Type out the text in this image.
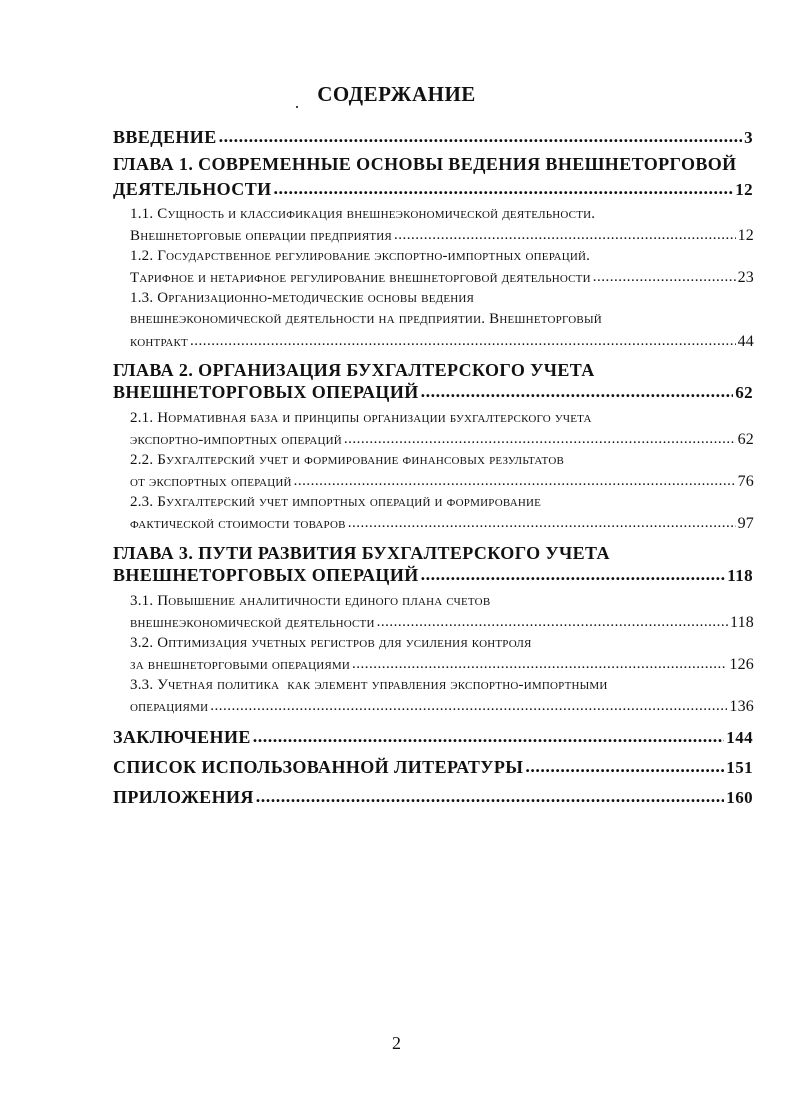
СОДЕРЖАНИЕ
ВВЕДЕНИЕ .....	3
ГЛАВА 1. СОВРЕМЕННЫЕ ОСНОВЫ ВЕДЕНИЯ ВНЕШНЕТОРГОВОЙ
ДЕЯТЕЛЬНОСТИ .....	12
1.1. Сущность и классификация внешнеэкономической деятельности.
Внешнеторговые операции предприятия .....	12
1.2. Государственное регулирование экспортно-импортных операций.
Тарифное и нетарифное регулирование внешнеторговой деятельности .....	23
1.3. Организационно-методические основы ведения
внешнеэкономической деятельности на предприятии. Внешнеторговый
контракт .....	44
ГЛАВА 2. ОРГАНИЗАЦИЯ БУХГАЛТЕРСКОГО УЧЕТА
ВНЕШНЕТОРГОВЫХ ОПЕРАЦИЙ .....	62
2.1. Нормативная база и принципы организации бухгалтерского учета
экспортно-импортных операций .....	62
2.2. Бухгалтерский учет и формирование финансовых результатов
от экспортных операций .....	76
2.3. Бухгалтерский учет импортных операций и формирование
фактической стоимости товаров .....	97
ГЛАВА 3. ПУТИ РАЗВИТИЯ БУХГАЛТЕРСКОГО УЧЕТА
ВНЕШНЕТОРГОВЫХ ОПЕРАЦИЙ .....	118
3.1. Повышение аналитичности единого плана счетов
внешнеэкономической деятельности .....	118
3.2. Оптимизация учетных регистров для усиления контроля
за внешнеторговыми операциями .....	126
3.3. Учетная политика  как элемент управления экспортно-импортными
операциями .....	136
ЗАКЛЮЧЕНИЕ .....	144
СПИСОК ИСПОЛЬЗОВАННОЙ ЛИТЕРАТУРЫ .....	151
ПРИЛОЖЕНИЯ .....	160
2
